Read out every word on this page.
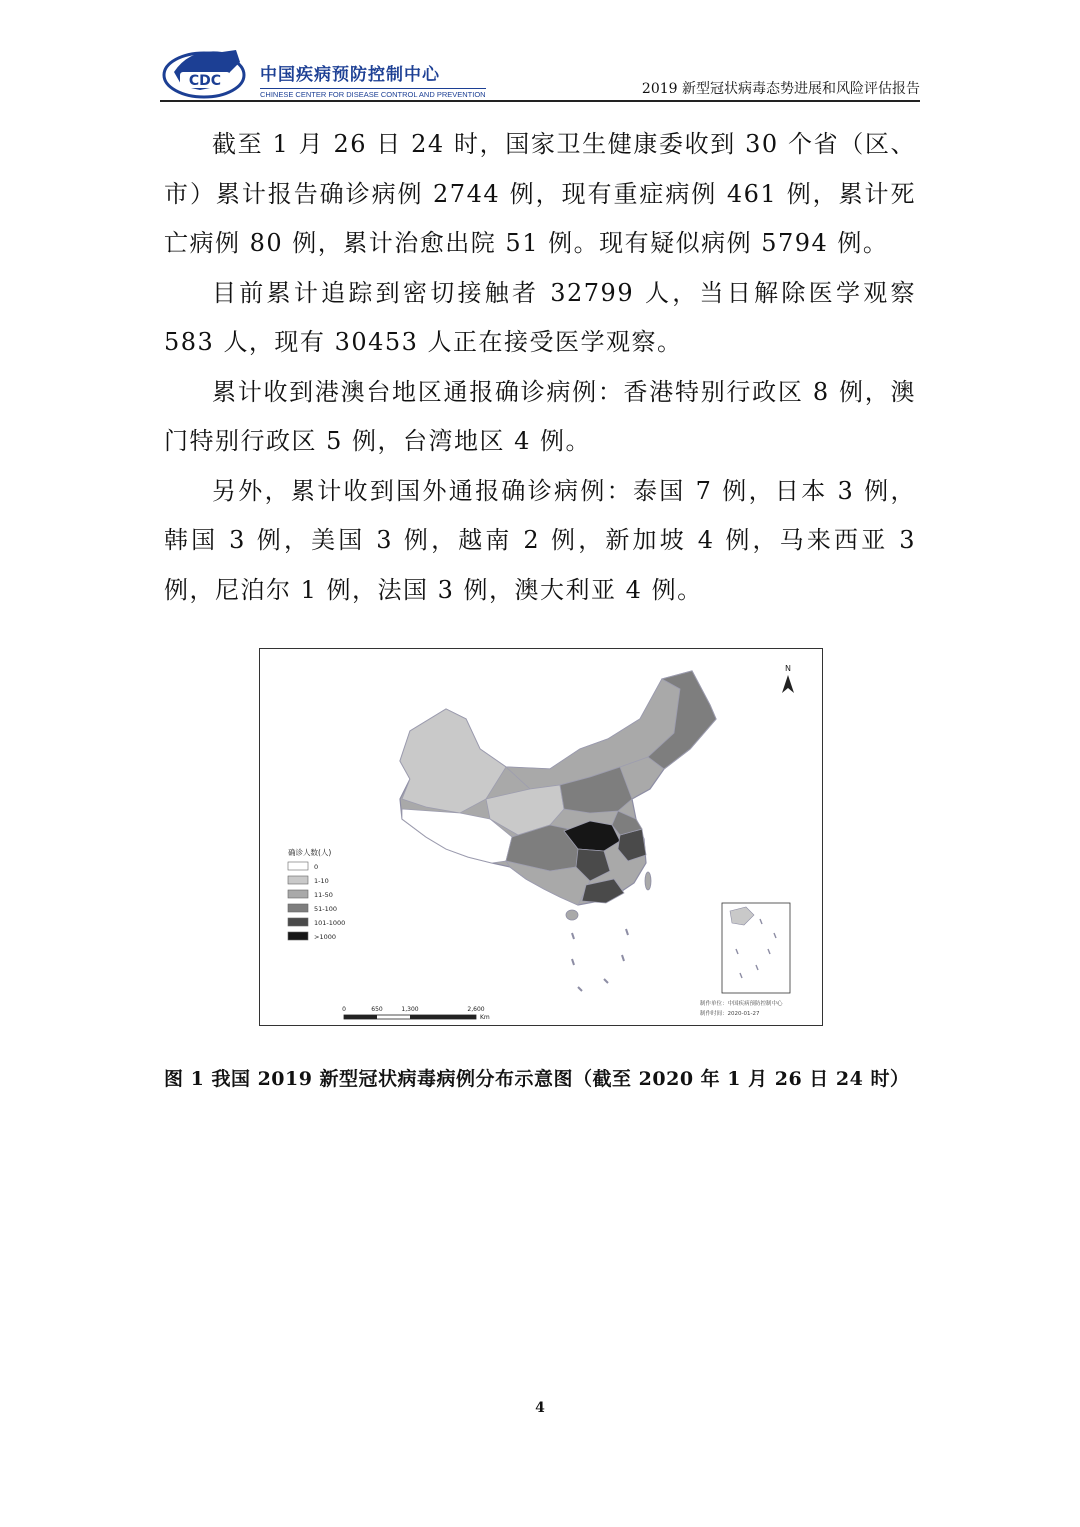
CDC 中国疾病预防控制中心
CHINESE CENTER FOR DISEASE CONTROL AND PREVENTION	2019 新型冠状病毒态势进展和风险评估报告

截至 1 月 26 日 24 时，国家卫生健康委收到 30 个省（区、市）累计报告确诊病例 2744 例，现有重症病例 461 例，累计死亡病例 80 例，累计治愈出院 51 例。现有疑似病例 5794 例。

目前累计追踪到密切接触者 32799 人，当日解除医学观察 583 人，现有 30453 人正在接受医学观察。

累计收到港澳台地区通报确诊病例：香港特别行政区 8 例，澳门特别行政区 5 例，台湾地区 4 例。

另外，累计收到国外通报确诊病例：泰国 7 例，日本 3 例，韩国 3 例，美国 3 例，越南 2 例，新加坡 4 例，马来西亚 3 例，尼泊尔 1 例，法国 3 例，澳大利亚 4 例。

N
确诊人数(人)
0
1-10
11-50
51-100
101-1000
>1000
0	650	1,300	2,600
Km
制作单位：中国疾病预防控制中心
制作时间：2020-01-27
图 1 我国 2019 新型冠状病毒病例分布示意图（截至 2020 年 1 月 26 日 24 时）
4
